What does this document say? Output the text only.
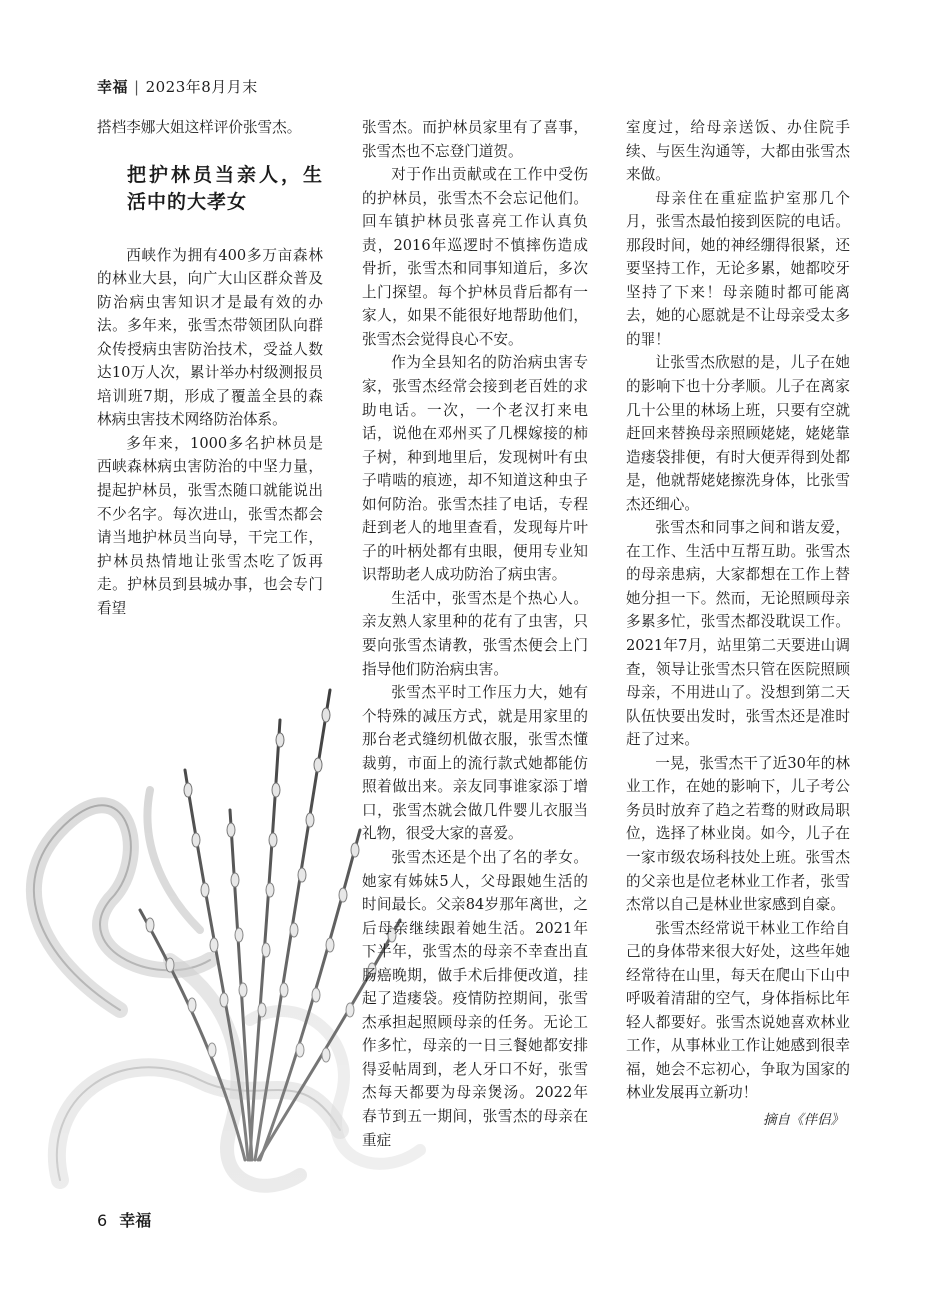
幸福 | 2023年8月月末

搭档李娜大姐这样评价张雪杰。

把护林员当亲人，生活中的大孝女

西峡作为拥有400多万亩森林的林业大县，向广大山区群众普及防治病虫害知识才是最有效的办法。多年来，张雪杰带领团队向群众传授病虫害防治技术，受益人数达10万人次，累计举办村级测报员培训班7期，形成了覆盖全县的森林病虫害技术网络防治体系。

多年来，1000多名护林员是西峡森林病虫害防治的中坚力量，提起护林员，张雪杰随口就能说出不少名字。每次进山，张雪杰都会请当地护林员当向导，干完工作，护林员热情地让张雪杰吃了饭再走。护林员到县城办事，也会专门看望

张雪杰。而护林员家里有了喜事，张雪杰也不忘登门道贺。

对于作出贡献或在工作中受伤的护林员，张雪杰不会忘记他们。回车镇护林员张喜亮工作认真负责，2016年巡逻时不慎摔伤造成骨折，张雪杰和同事知道后，多次上门探望。每个护林员背后都有一家人，如果不能很好地帮助他们，张雪杰会觉得良心不安。

作为全县知名的防治病虫害专家，张雪杰经常会接到老百姓的求助电话。一次，一个老汉打来电话，说他在邓州买了几棵嫁接的柿子树，种到地里后，发现树叶有虫子啃啮的痕迹，却不知道这种虫子如何防治。张雪杰挂了电话，专程赶到老人的地里查看，发现每片叶子的叶柄处都有虫眼，便用专业知识帮助老人成功防治了病虫害。

生活中，张雪杰是个热心人。亲友熟人家里种的花有了虫害，只要向张雪杰请教，张雪杰便会上门指导他们防治病虫害。

张雪杰平时工作压力大，她有个特殊的减压方式，就是用家里的那台老式缝纫机做衣服，张雪杰懂裁剪，市面上的流行款式她都能仿照着做出来。亲友同事谁家添丁增口，张雪杰就会做几件婴儿衣服当礼物，很受大家的喜爱。

张雪杰还是个出了名的孝女。她家有姊妹5人，父母跟她生活的时间最长。父亲84岁那年离世，之后母亲继续跟着她生活。2021年下半年，张雪杰的母亲不幸查出直肠癌晚期，做手术后排便改道，挂起了造瘘袋。疫情防控期间，张雪杰承担起照顾母亲的任务。无论工作多忙，母亲的一日三餐她都安排得妥帖周到，老人牙口不好，张雪杰每天都要为母亲煲汤。2022年春节到五一期间，张雪杰的母亲在重症

室度过，给母亲送饭、办住院手续、与医生沟通等，大都由张雪杰来做。

母亲住在重症监护室那几个月，张雪杰最怕接到医院的电话。那段时间，她的神经绷得很紧，还要坚持工作，无论多累，她都咬牙坚持了下来！母亲随时都可能离去，她的心愿就是不让母亲受太多的罪！

让张雪杰欣慰的是，儿子在她的影响下也十分孝顺。儿子在离家几十公里的林场上班，只要有空就赶回来替换母亲照顾姥姥，姥姥靠造瘘袋排便，有时大便弄得到处都是，他就帮姥姥擦洗身体，比张雪杰还细心。

张雪杰和同事之间和谐友爱，在工作、生活中互帮互助。张雪杰的母亲患病，大家都想在工作上替她分担一下。然而，无论照顾母亲多累多忙，张雪杰都没耽误工作。2021年7月，站里第二天要进山调查，领导让张雪杰只管在医院照顾母亲，不用进山了。没想到第二天队伍快要出发时，张雪杰还是准时赶了过来。

一晃，张雪杰干了近30年的林业工作，在她的影响下，儿子考公务员时放弃了趋之若骛的财政局职位，选择了林业岗。如今，儿子在一家市级农场科技处上班。张雪杰的父亲也是位老林业工作者，张雪杰常以自己是林业世家感到自豪。

张雪杰经常说干林业工作给自己的身体带来很大好处，这些年她经常待在山里，每天在爬山下山中呼吸着清甜的空气，身体指标比年轻人都要好。张雪杰说她喜欢林业工作，从事林业工作让她感到很幸福，她会不忘初心，争取为国家的林业发展再立新功！

摘自《伴侣》
6 幸福
